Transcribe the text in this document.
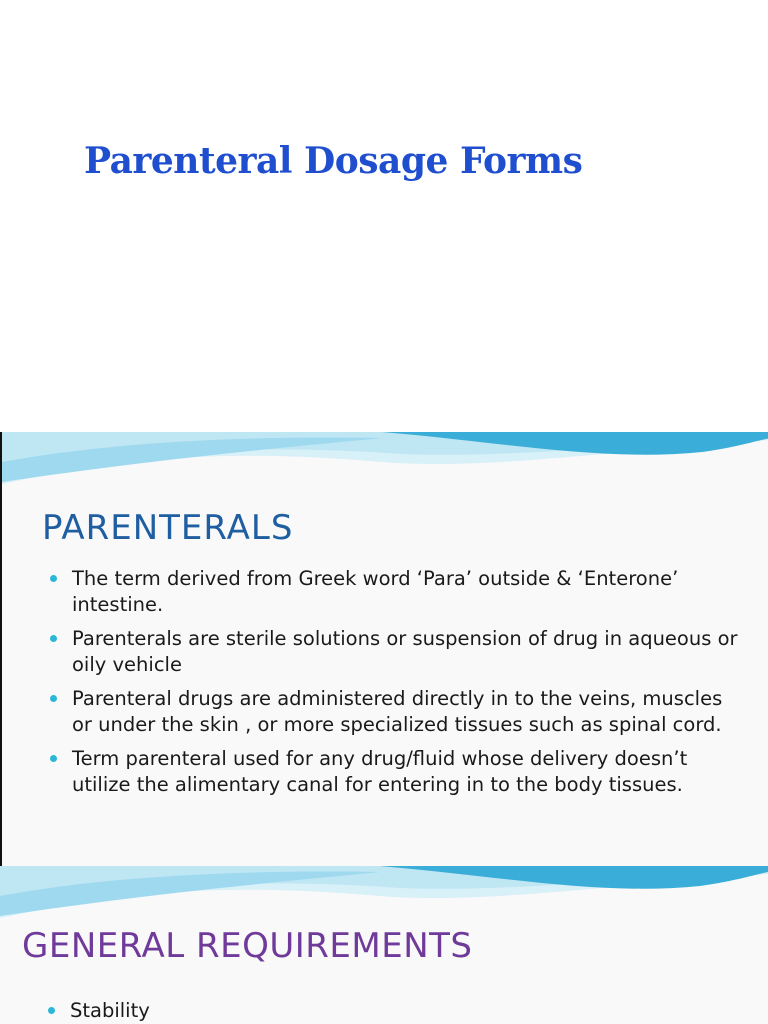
Parenteral Dosage Forms
PARENTERALS
The term derived from Greek word ‘Para’ outside & ‘Enterone’ intestine.
Parenterals are sterile solutions or suspension of drug in aqueous or oily vehicle
Parenteral drugs are administered directly in to the veins, muscles or under the skin , or more specialized tissues such as spinal cord.
Term parenteral used for any drug/fluid whose delivery doesn’t utilize the alimentary canal for entering in to the body tissues.
GENERAL REQUIREMENTS
Stability
